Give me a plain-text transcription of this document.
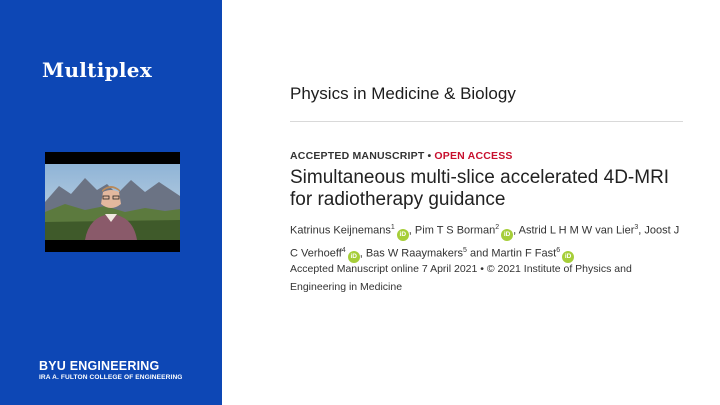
Multiplex
BYU ENGINEERING
IRA A. FULTON COLLEGE OF ENGINEERING
Physics in Medicine & Biology
ACCEPTED MANUSCRIPT • OPEN ACCESS
Simultaneous multi-slice accelerated 4D-MRI for radiotherapy guidance
Katrinus Keijnemans$^1$iD , Pim T S Borman$^2$iD , Astrid L H M W van Lier$^3$, Joost J C Verhoeff$^4$iD , Bas W Raaymakers$^5$ and Martin F Fast$^6$iD
Accepted Manuscript online 7 April 2021 • © 2021 Institute of Physics and Engineering in Medicine
